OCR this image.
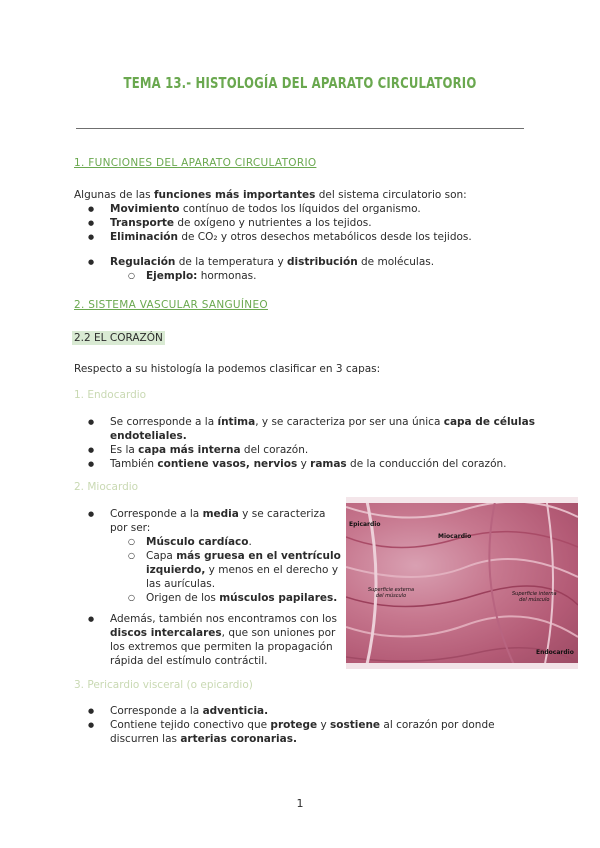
TEMA 13.- HISTOLOGÍA DEL APARATO CIRCULATORIO
1. FUNCIONES DEL APARATO CIRCULATORIO
Algunas de las funciones más importantes del sistema circulatorio son:
● Movimiento contínuo de todos los líquidos del organismo.
● Transporte de oxígeno y nutrientes a los tejidos.
● Eliminación de CO₂ y otros desechos metabólicos desde los tejidos.
● Regulación de la temperatura y distribución de moléculas.
○ Ejemplo: hormonas.
2. SISTEMA VASCULAR SANGUÍNEO
2.2 EL CORAZÓN
Respecto a su histología la podemos clasificar en 3 capas:
1. Endocardio
● Se corresponde a la íntima, y se caracteriza por ser una única capa de células
endoteliales.
● Es la capa más interna del corazón.
● También contiene vasos, nervios y ramas de la conducción del corazón.
2. Miocardio
● Corresponde a la media y se caracteriza
por ser:
○ Músculo cardíaco.
○ Capa más gruesa en el ventrículo
izquierdo, y menos en el derecho y
las aurículas.
○ Origen de los músculos papilares.
● Además, también nos encontramos con los
discos intercalares, que son uniones por
los extremos que permiten la propagación
rápida del estímulo contráctil.
Epicardio
Miocardio
Superficie externa
del músculo	Superficie interna
del músculo
Endocardio
3. Pericardio visceral (o epicardio)
● Corresponde a la adventicia.
● Contiene tejido conectivo que protege y sostiene al corazón por donde
discurren las arterias coronarias.
1
